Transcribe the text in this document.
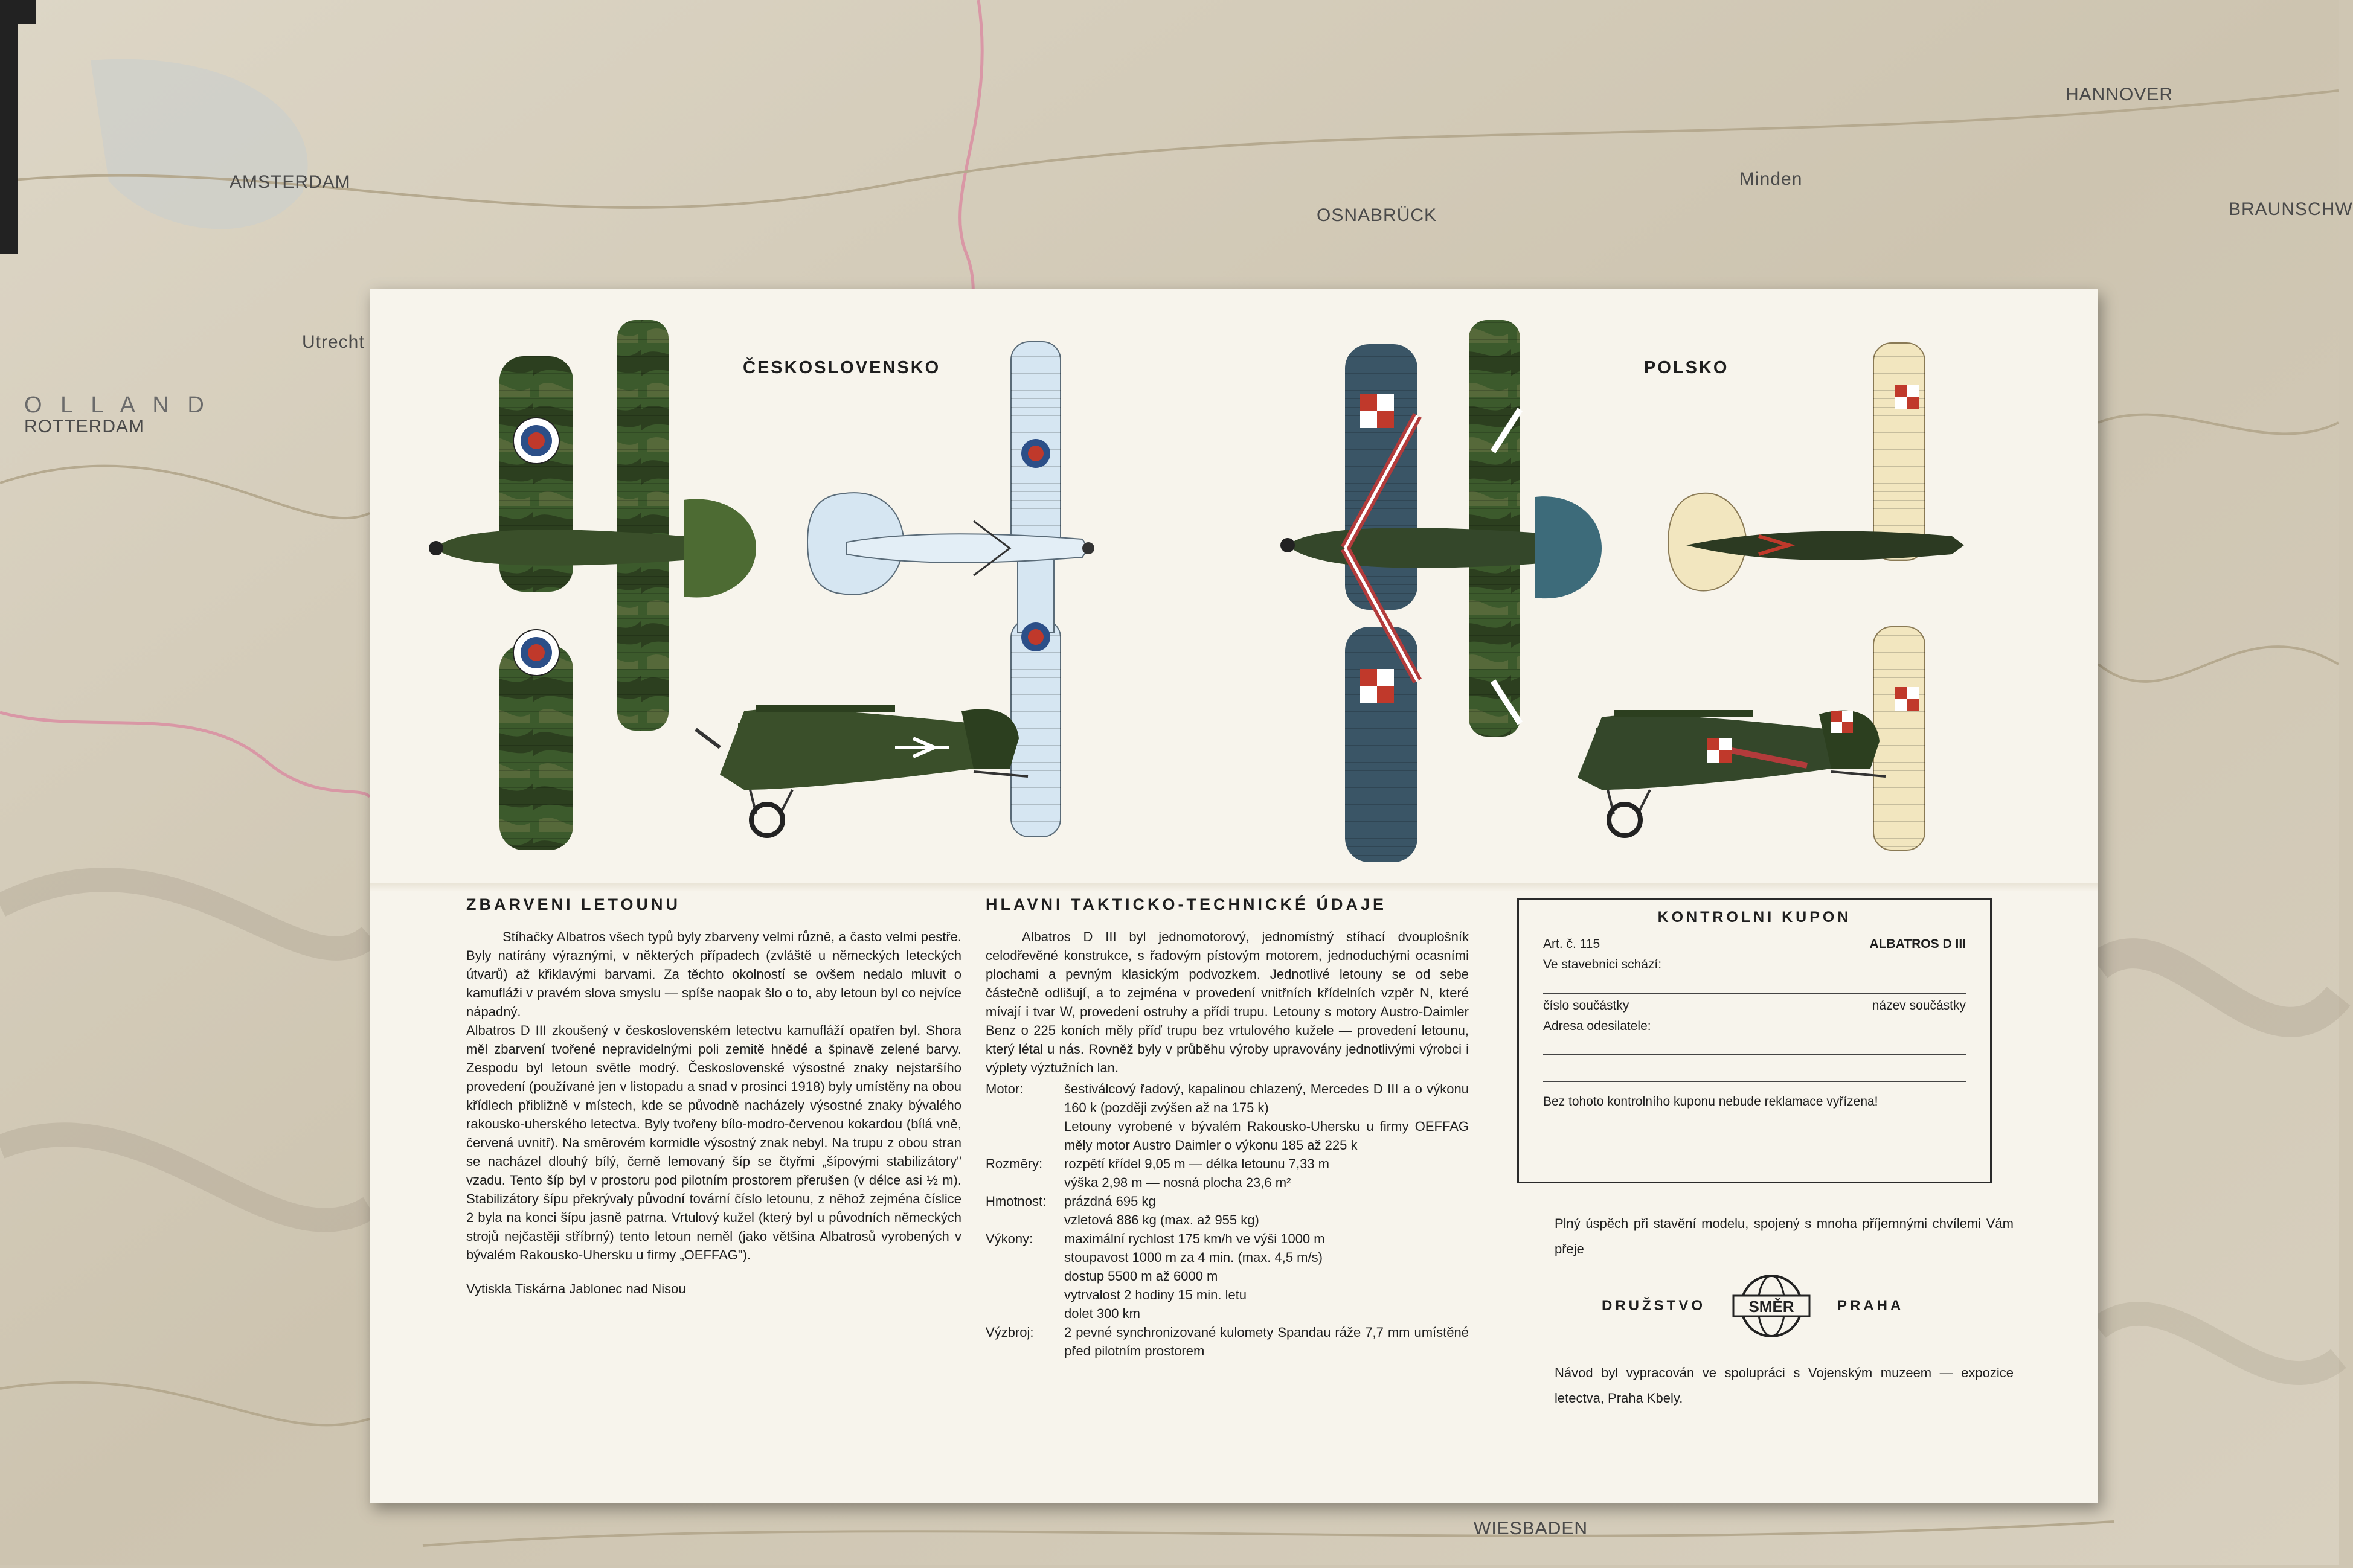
AMSTERDAM
ROTTERDAM
OSNABRÜCK
HANNOVER
Minden
Utrecht
WIESBADEN
O L L A N D
BRAUNSCHW
ČESKOSLOVENSKO	POLSKO

ZBARVENI LETOUNU

Stíhačky Albatros všech typů byly zbarveny velmi různě, a často velmi pestře. Byly natírány výraznými, v některých případech (zvláště u německých leteckých útvarů) až křiklavými barvami. Za těchto okolností se ovšem nedalo mluvit o kamufláži v pravém slova smyslu — spíše naopak šlo o to, aby letoun byl co nejvíce nápadný.
Albatros D III zkoušený v československém letectvu kamufláží opatřen byl. Shora měl zbarvení tvořené nepravidelnými poli zemitě hnědé a špinavě zelené barvy. Zespodu byl letoun světle modrý. Československé výsostné znaky nejstaršího provedení (používané jen v listopadu a snad v prosinci 1918) byly umístěny na obou křídlech přibližně v místech, kde se původně nacházely výsostné znaky bývalého rakousko-uherského letectva. Byly tvořeny bílo-modro-červenou kokardou (bílá vně, červená uvnitř). Na směrovém kormidle výsostný znak nebyl. Na trupu z obou stran se nacházel dlouhý bílý, černě lemovaný šíp se čtyřmi „šípovými stabilizátory" vzadu. Tento šíp byl v prostoru pod pilotním prostorem přerušen (v délce asi ½ m). Stabilizátory šípu překrývaly původní tovární číslo letounu, z něhož zejména číslice 2 byla na konci šípu jasně patrna. Vrtulový kužel (který byl u původních německých strojů nejčastěji stříbrný) tento letoun neměl (jako většina Albatrosů vyrobených v bývalém Rakousko-Uhersku u firmy „OEFFAG").

Vytiskla Tiskárna Jablonec nad Nisou

HLAVNI TAKTICKO-TECHNICKÉ ÚDAJE

Albatros D III byl jednomotorový, jednomístný stíhací dvouplošník celodřevěné konstrukce, s řadovým pístovým motorem, jednoduchými ocasními plochami a pevným klasickým podvozkem. Jednotlivé letouny se od sebe částečně odlišují, a to zejména v provedení vnitřních křídelních vzpěr N, které mívají i tvar W, provedení ostruhy a přídi trupu. Letouny s motory Austro-Daimler Benz o 225 koních měly příď trupu bez vrtulového kužele — provedení letounu, který létal u nás. Rovněž byly v průběhu výroby upravovány jednotlivými výrobci i výplety výztužních lan.

Motor:	šestiválcový řadový, kapalinou chlazený, Mercedes D III a o výkonu 160 k (později zvýšen až na 175 k)
Letouny vyrobené v bývalém Rakousko-Uhersku u firmy OEFFAG měly motor Austro Daimler o výkonu 185 až 225 k
Rozměry:	rozpětí křídel 9,05 m — délka letounu 7,33 m
výška 2,98 m — nosná plocha 23,6 m²
Hmotnost:	prázdná 695 kg
vzletová 886 kg (max. až 955 kg)
Výkony:	maximální rychlost 175 km/h ve výši 1000 m
stoupavost 1000 m za 4 min. (max. 4,5 m/s)
dostup 5500 m až 6000 m
vytrvalost 2 hodiny 15 min. letu
dolet 300 km
Výzbroj:	2 pevné synchronizované kulomety Spandau ráže 7,7 mm umístěné před pilotním prostorem
KONTROLNI KUPON
Art. č. 115	ALBATROS D III
Ve stavebnici schází:
číslo součástky	název součástky
Adresa odesilatele:
Bez tohoto kontrolního kuponu nebude reklamace vyřízena!
Plný úspěch při stavění modelu, spojený s mnoha příjemnými chvílemi Vám přeje
DRUŽSTVO	SMĚR	PRAHA
Návod byl vypracován ve spolupráci s Vojenským muzeem — expozice letectva, Praha Kbely.
